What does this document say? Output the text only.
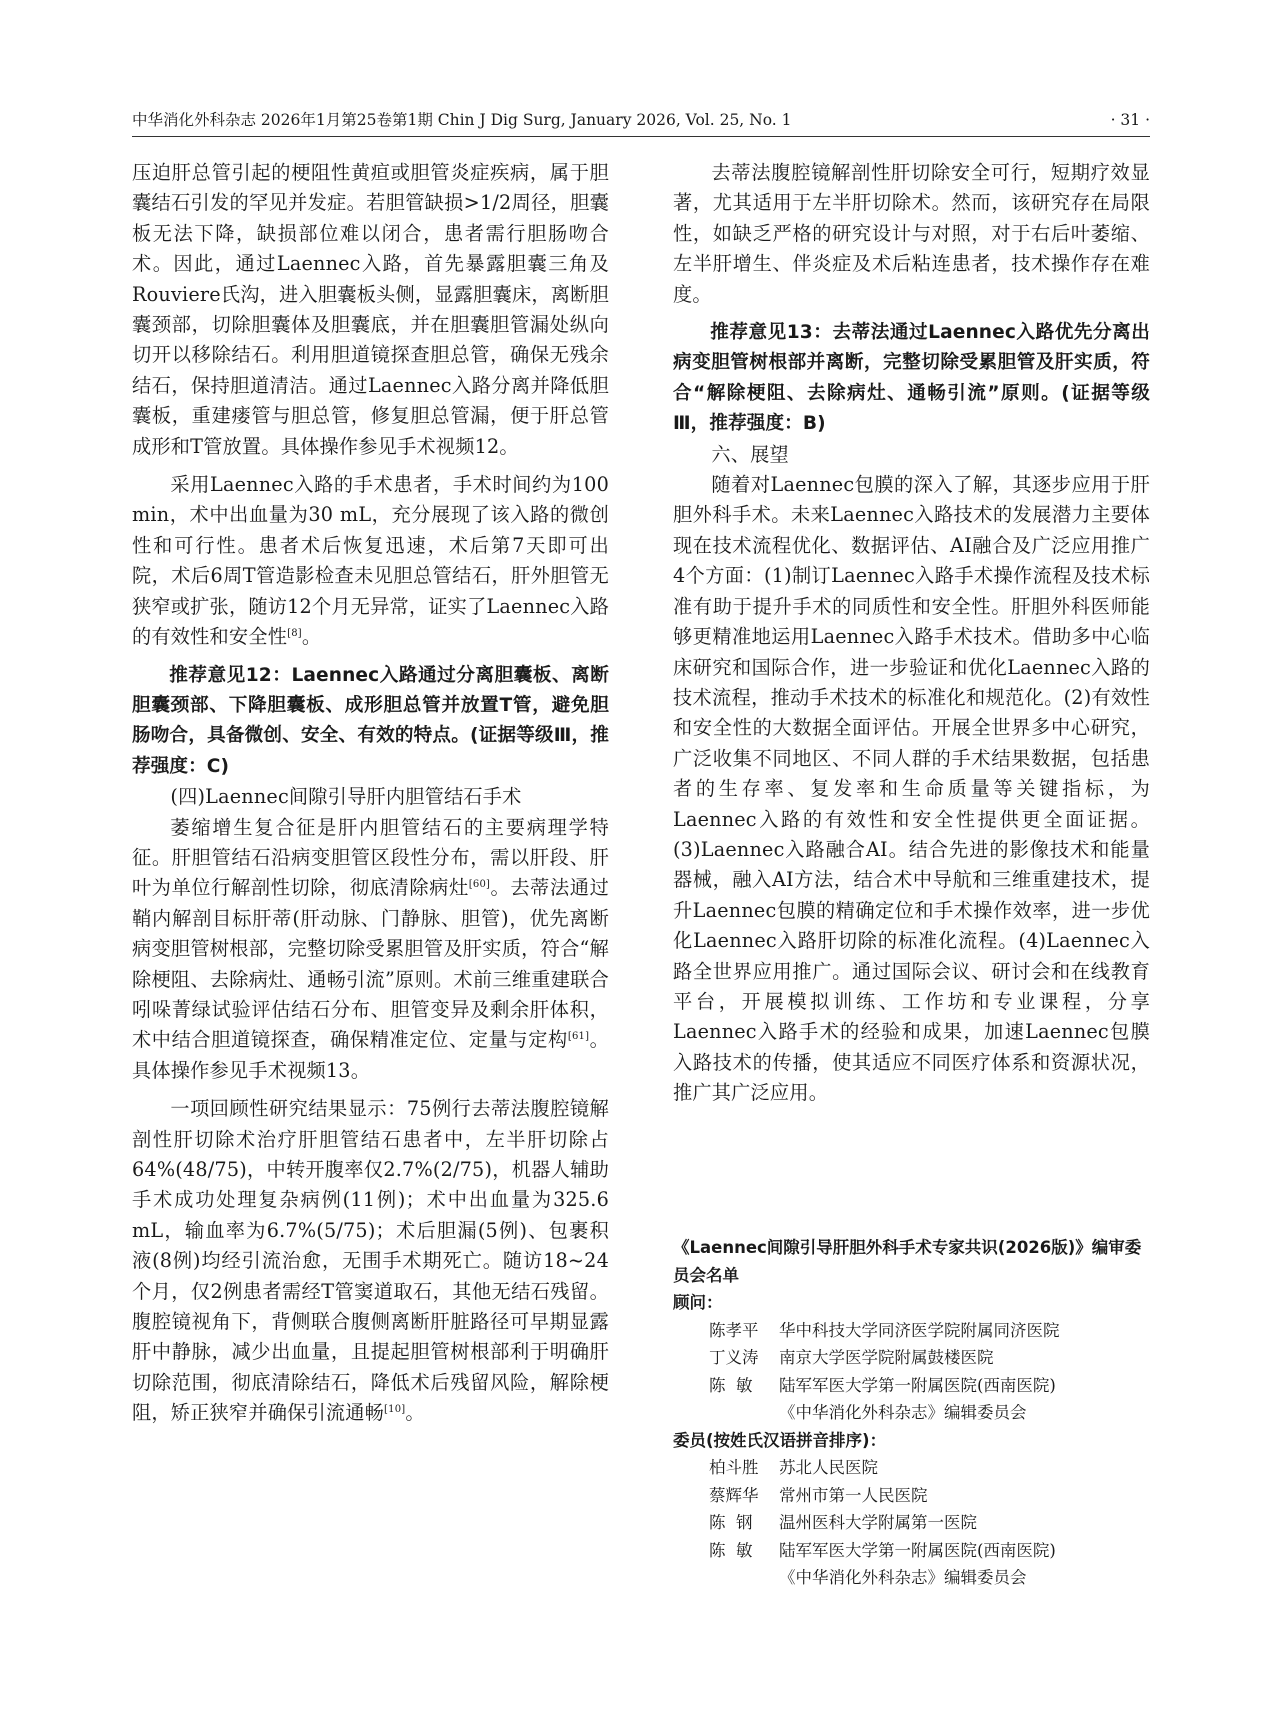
中华消化外科杂志 2026年1月第25卷第1期 Chin J Dig Surg, January 2026, Vol. 25, No. 1	· 31 ·

压迫肝总管引起的梗阻性黄疸或胆管炎症疾病，属于胆囊结石引发的罕见并发症。若胆管缺损>1/2周径，胆囊板无法下降，缺损部位难以闭合，患者需行胆肠吻合术。因此，通过Laennec入路，首先暴露胆囊三角及Rouviere氏沟，进入胆囊板头侧，显露胆囊床，离断胆囊颈部，切除胆囊体及胆囊底，并在胆囊胆管漏处纵向切开以移除结石。利用胆道镜探查胆总管，确保无残余结石，保持胆道清洁。通过Laennec入路分离并降低胆囊板，重建瘘管与胆总管，修复胆总管漏，便于肝总管成形和T管放置。具体操作参见手术视频12。

采用Laennec入路的手术患者，手术时间约为100 min，术中出血量为30 mL，充分展现了该入路的微创性和可行性。患者术后恢复迅速，术后第7天即可出院，术后6周T管造影检查未见胆总管结石，肝外胆管无狭窄或扩张，随访12个月无异常，证实了Laennec入路的有效性和安全性[8]。

推荐意见12：Laennec入路通过分离胆囊板、离断胆囊颈部、下降胆囊板、成形胆总管并放置T管，避免胆肠吻合，具备微创、安全、有效的特点。(证据等级Ⅲ，推荐强度：C)

(四)Laennec间隙引导肝内胆管结石手术

萎缩增生复合征是肝内胆管结石的主要病理学特征。肝胆管结石沿病变胆管区段性分布，需以肝段、肝叶为单位行解剖性切除，彻底清除病灶[60]。去蒂法通过鞘内解剖目标肝蒂(肝动脉、门静脉、胆管)，优先离断病变胆管树根部，完整切除受累胆管及肝实质，符合“解除梗阻、去除病灶、通畅引流”原则。术前三维重建联合吲哚菁绿试验评估结石分布、胆管变异及剩余肝体积，术中结合胆道镜探查，确保精准定位、定量与定构[61]。具体操作参见手术视频13。

一项回顾性研究结果显示：75例行去蒂法腹腔镜解剖性肝切除术治疗肝胆管结石患者中，左半肝切除占64%(48/75)，中转开腹率仅2.7%(2/75)，机器人辅助手术成功处理复杂病例(11例)；术中出血量为325.6 mL，输血率为6.7%(5/75)；术后胆漏(5例)、包裹积液(8例)均经引流治愈，无围手术期死亡。随访18~24个月，仅2例患者需经T管窦道取石，其他无结石残留。腹腔镜视角下，背侧联合腹侧离断肝脏路径可早期显露肝中静脉，减少出血量，且提起胆管树根部利于明确肝切除范围，彻底清除结石，降低术后残留风险，解除梗阻，矫正狭窄并确保引流通畅[10]。

去蒂法腹腔镜解剖性肝切除安全可行，短期疗效显著，尤其适用于左半肝切除术。然而，该研究存在局限性，如缺乏严格的研究设计与对照，对于右后叶萎缩、左半肝增生、伴炎症及术后粘连患者，技术操作存在难度。

推荐意见13：去蒂法通过Laennec入路优先分离出病变胆管树根部并离断，完整切除受累胆管及肝实质，符合“解除梗阻、去除病灶、通畅引流”原则。(证据等级Ⅲ，推荐强度：B)

六、展望

随着对Laennec包膜的深入了解，其逐步应用于肝胆外科手术。未来Laennec入路技术的发展潜力主要体现在技术流程优化、数据评估、AI融合及广泛应用推广4个方面：(1)制订Laennec入路手术操作流程及技术标准有助于提升手术的同质性和安全性。肝胆外科医师能够更精准地运用Laennec入路手术技术。借助多中心临床研究和国际合作，进一步验证和优化Laennec入路的技术流程，推动手术技术的标准化和规范化。(2)有效性和安全性的大数据全面评估。开展全世界多中心研究，广泛收集不同地区、不同人群的手术结果数据，包括患者的生存率、复发率和生命质量等关键指标，为Laennec入路的有效性和安全性提供更全面证据。(3)Laennec入路融合AI。结合先进的影像技术和能量器械，融入AI方法，结合术中导航和三维重建技术，提升Laennec包膜的精确定位和手术操作效率，进一步优化Laennec入路肝切除的标准化流程。(4)Laennec入路全世界应用推广。通过国际会议、研讨会和在线教育平台，开展模拟训练、工作坊和专业课程，分享Laennec入路手术的经验和成果，加速Laennec包膜入路技术的传播，使其适应不同医疗体系和资源状况，推广其广泛应用。

《Laennec间隙引导肝胆外科手术专家共识(2026版)》编审委员会名单
顾问：
陈孝平	华中科技大学同济医学院附属同济医院
丁义涛	南京大学医学院附属鼓楼医院
陈  敏	陆军军医大学第一附属医院(西南医院)
《中华消化外科杂志》编辑委员会
委员(按姓氏汉语拼音排序)：
柏斗胜	苏北人民医院
蔡辉华	常州市第一人民医院
陈  钢	温州医科大学附属第一医院
陈  敏	陆军军医大学第一附属医院(西南医院)
《中华消化外科杂志》编辑委员会
